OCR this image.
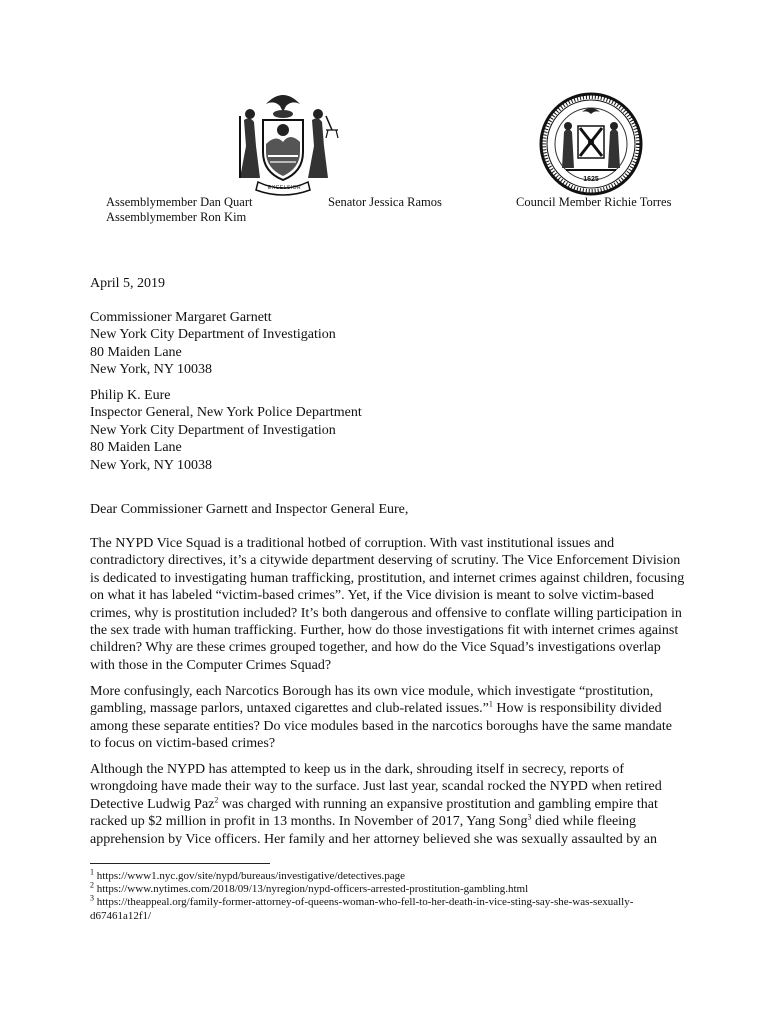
EXCELSIOR
1625
Assemblymember Dan Quart
Assemblymember Ron Kim
Senator Jessica Ramos	Council Member Richie Torres
April 5, 2019
Commissioner Margaret Garnett
New York City Department of Investigation
80 Maiden Lane
New York, NY 10038
Philip K. Eure
Inspector General, New York Police Department
New York City Department of Investigation
80 Maiden Lane
New York, NY 10038
Dear Commissioner Garnett and Inspector General Eure,

The NYPD Vice Squad is a traditional hotbed of corruption. With vast institutional issues and contradictory directives, it’s a citywide department deserving of scrutiny. The Vice Enforcement Division is dedicated to investigating human trafficking, prostitution, and internet crimes against children, focusing on what it has labeled “victim-based crimes”. Yet, if the Vice division is meant to solve victim-based crimes, why is prostitution included? It’s both dangerous and offensive to conflate willing participation in the sex trade with human trafficking. Further, how do those investigations fit with internet crimes against children? Why are these crimes grouped together, and how do the Vice Squad’s investigations overlap with those in the Computer Crimes Squad?

More confusingly, each Narcotics Borough has its own vice module, which investigate “prostitution, gambling, massage parlors, untaxed cigarettes and club-related issues.”$^1$ How is responsibility divided among these separate entities? Do vice modules based in the narcotics boroughs have the same mandate to focus on victim-based crimes?

Although the NYPD has attempted to keep us in the dark, shrouding itself in secrecy, reports of wrongdoing have made their way to the surface. Just last year, scandal rocked the NYPD when retired Detective Ludwig Paz$^2$ was charged with running an expansive prostitution and gambling empire that racked up $2 million in profit in 13 months. In November of 2017, Yang Song$^3$ died while fleeing apprehension by Vice officers. Her family and her attorney believed she was sexually assaulted by an

$^1$ https://www1.nyc.gov/site/nypd/bureaus/investigative/detectives.page
$^2$ https://www.nytimes.com/2018/09/13/nyregion/nypd-officers-arrested-prostitution-gambling.html
$^3$ https://theappeal.org/family-former-attorney-of-queens-woman-who-fell-to-her-death-in-vice-sting-say-she-was-sexually-d67461a12f1/
